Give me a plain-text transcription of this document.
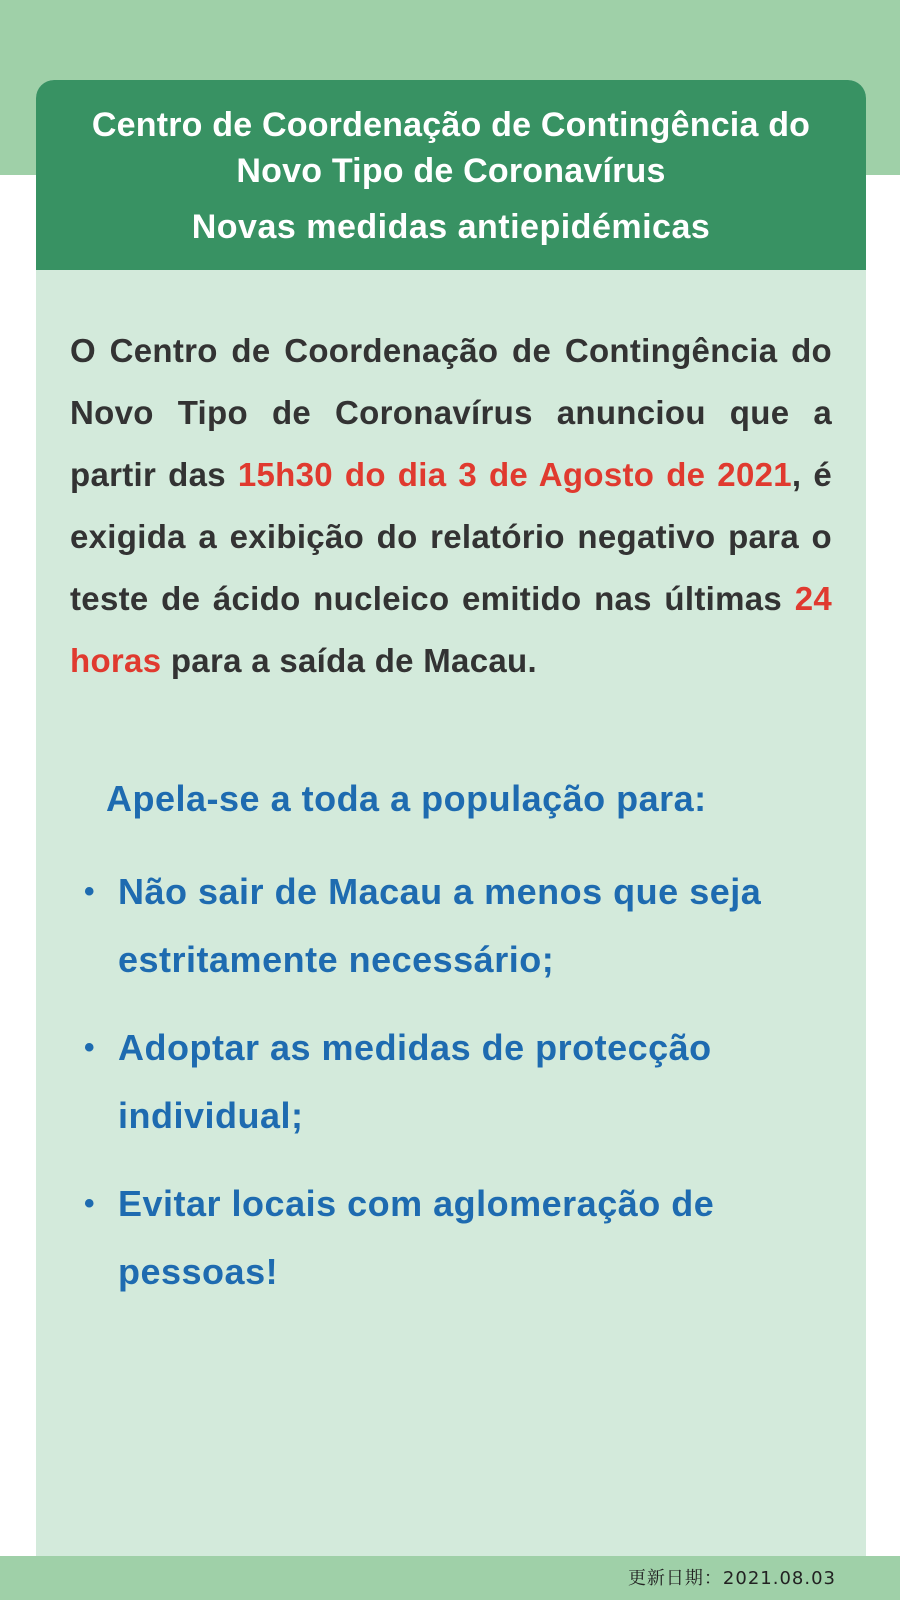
Centro de Coordenação de Contingência do
Novo Tipo de Coronavírus
Novas medidas antiepidémicas
O Centro de Coordenação de Contingência do Novo Tipo de Coronavírus anunciou que a partir das 15h30 do dia 3 de Agosto de 2021, é exigida a exibição do relatório negativo para o teste de ácido nucleico emitido nas últimas 24 horas para a saída de Macau.
Apela-se a toda a população para:
• Não sair de Macau a menos que seja estritamente necessário;
• Adoptar as medidas de protecção individual;
• Evitar locais com aglomeração de pessoas!
更新日期：2021.08.03
